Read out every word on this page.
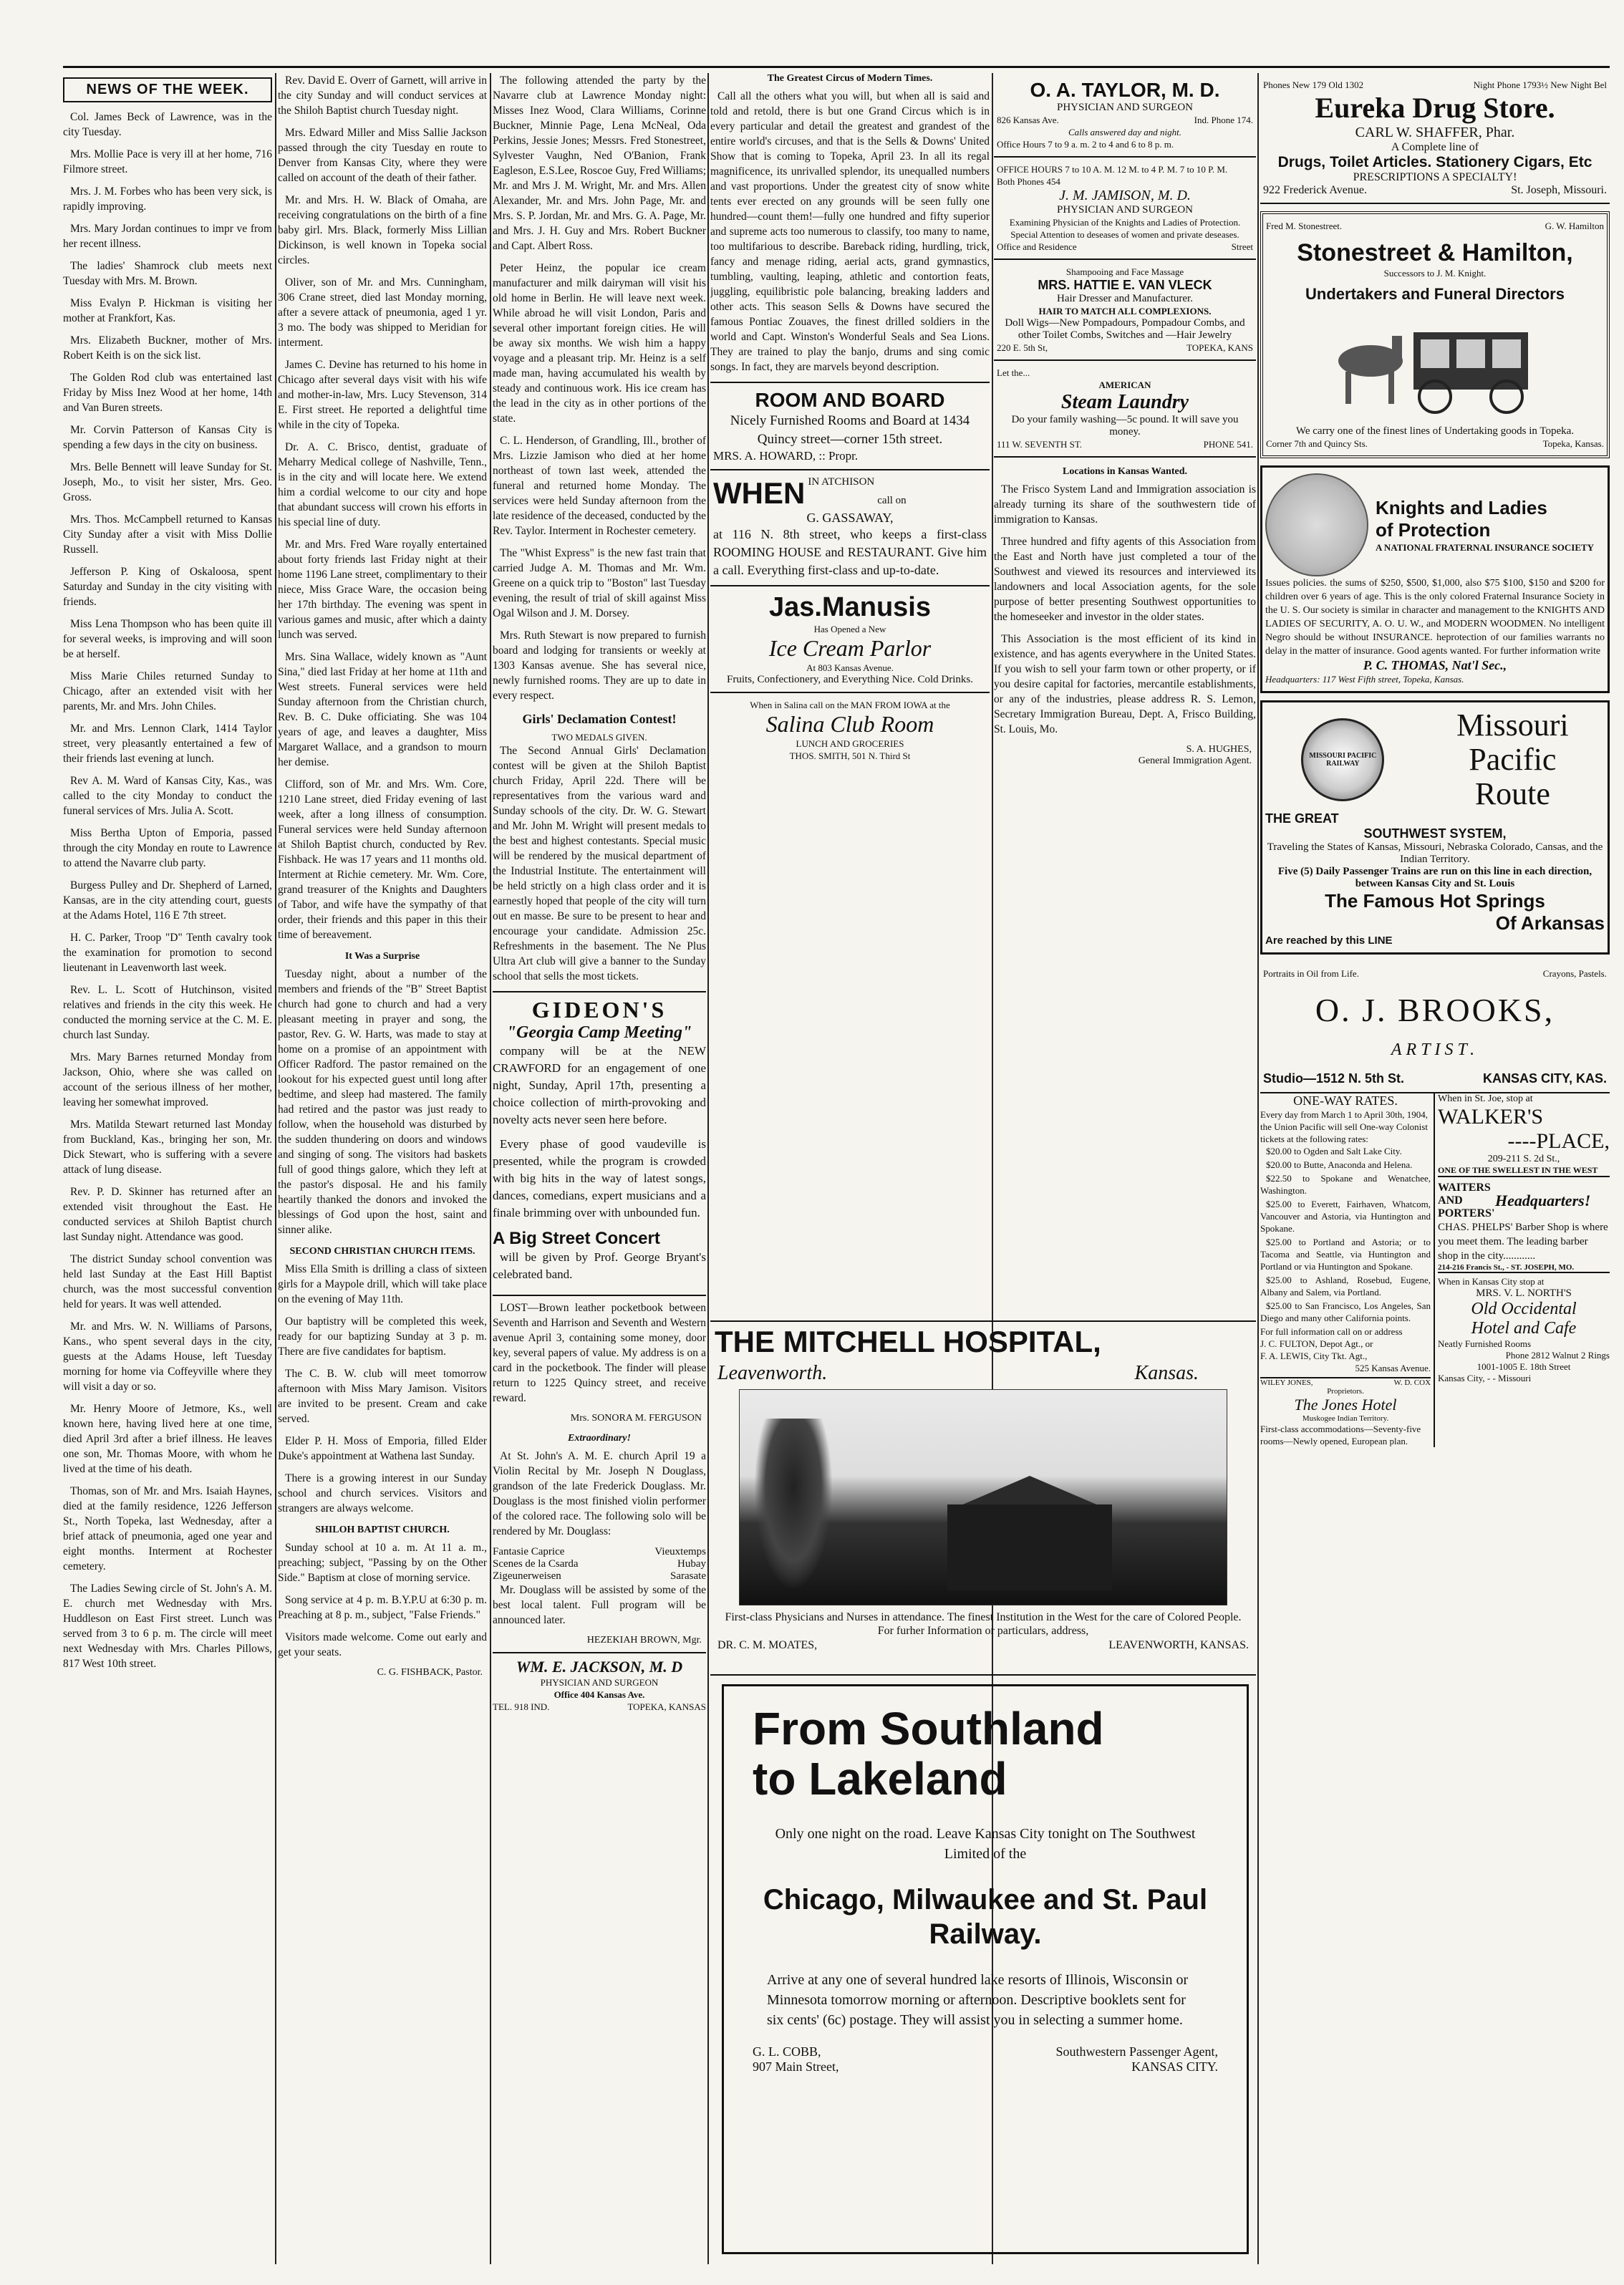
NEWS OF THE WEEK.

Col. James Beck of Lawrence, was in the city Tuesday.

Mrs. Mollie Pace is very ill at her home, 716 Filmore street.

Mrs. J. M. Forbes who has been very sick, is rapidly improving.

Mrs. Mary Jordan continues to impr ve from her recent illness.

The ladies' Shamrock club meets next Tuesday with Mrs. M. Brown.

Miss Evalyn P. Hickman is visiting her mother at Frankfort, Kas.

Mrs. Elizabeth Buckner, mother of Mrs. Robert Keith is on the sick list.

The Golden Rod club was entertained last Friday by Miss Inez Wood at her home, 14th and Van Buren streets.

Mr. Corvin Patterson of Kansas City is spending a few days in the city on business.

Mrs. Belle Bennett will leave Sunday for St. Joseph, Mo., to visit her sister, Mrs. Geo. Gross.

Mrs. Thos. McCampbell returned to Kansas City Sunday after a visit with Miss Dollie Russell.

Jefferson P. King of Oskaloosa, spent Saturday and Sunday in the city visiting with friends.

Miss Lena Thompson who has been quite ill for several weeks, is improving and will soon be at herself.

Miss Marie Chiles returned Sunday to Chicago, after an extended visit with her parents, Mr. and Mrs. John Chiles.

Mr. and Mrs. Lennon Clark, 1414 Taylor street, very pleasantly entertained a few of their friends last evening at lunch.

Rev A. M. Ward of Kansas City, Kas., was called to the city Monday to conduct the funeral services of Mrs. Julia A. Scott.

Miss Bertha Upton of Emporia, passed through the city Monday en route to Lawrence to attend the Navarre club party.

Burgess Pulley and Dr. Shepherd of Larned, Kansas, are in the city attending court, guests at the Adams Hotel, 116 E 7th street.

H. C. Parker, Troop "D" Tenth cavalry took the examination for promotion to second lieutenant in Leavenworth last week.

Rev. L. L. Scott of Hutchinson, visited relatives and friends in the city this week. He conducted the morning service at the C. M. E. church last Sunday.

Mrs. Mary Barnes returned Monday from Jackson, Ohio, where she was called on account of the serious illness of her mother, leaving her somewhat improved.

Mrs. Matilda Stewart returned last Monday from Buckland, Kas., bringing her son, Mr. Dick Stewart, who is suffering with a severe attack of lung disease.

Rev. P. D. Skinner has returned after an extended visit throughout the East. He conducted services at Shiloh Baptist church last Sunday night. Attendance was good.

The district Sunday school convention was held last Sunday at the East Hill Baptist church, was the most successful convention held for years. It was well attended.

Mr. and Mrs. W. N. Williams of Parsons, Kans., who spent several days in the city, guests at the Adams House, left Tuesday morning for home via Coffeyville where they will visit a day or so.

Mr. Henry Moore of Jetmore, Ks., well known here, having lived here at one time, died April 3rd after a brief illness. He leaves one son, Mr. Thomas Moore, with whom he lived at the time of his death.

Thomas, son of Mr. and Mrs. Isaiah Haynes, died at the family residence, 1226 Jefferson St., North Topeka, last Wednesday, after a brief attack of pneumonia, aged one year and eight months. Interment at Rochester cemetery.

The Ladies Sewing circle of St. John's A. M. E. church met Wednesday with Mrs. Huddleson on East First street. Lunch was served from 3 to 6 p. m. The circle will meet next Wednesday with Mrs. Charles Pillows, 817 West 10th street.

Rev. David E. Overr of Garnett, will arrive in the city Sunday and will conduct services at the Shiloh Baptist church Tuesday night.

Mrs. Edward Miller and Miss Sallie Jackson passed through the city Tuesday en route to Denver from Kansas City, where they were called on account of the death of their father.

Mr. and Mrs. H. W. Black of Omaha, are receiving congratulations on the birth of a fine baby girl. Mrs. Black, formerly Miss Lillian Dickinson, is well known in Topeka social circles.

Oliver, son of Mr. and Mrs. Cunningham, 306 Crane street, died last Monday morning, after a severe attack of pneumonia, aged 1 yr. 3 mo. The body was shipped to Meridian for interment.

James C. Devine has returned to his home in Chicago after several days visit with his wife and mother-in-law, Mrs. Lucy Stevenson, 314 E. First street. He reported a delightful time while in the city of Topeka.

Dr. A. C. Brisco, dentist, graduate of Meharry Medical college of Nashville, Tenn., is in the city and will locate here. We extend him a cordial welcome to our city and hope that abundant success will crown his efforts in his special line of duty.

Mr. and Mrs. Fred Ware royally entertained about forty friends last Friday night at their home 1196 Lane street, complimentary to their niece, Miss Grace Ware, the occasion being her 17th birthday. The evening was spent in various games and music, after which a dainty lunch was served.

Mrs. Sina Wallace, widely known as "Aunt Sina," died last Friday at her home at 11th and West streets. Funeral services were held Sunday afternoon from the Christian church, Rev. B. C. Duke officiating. She was 104 years of age, and leaves a daughter, Miss Margaret Wallace, and a grandson to mourn her demise.

Clifford, son of Mr. and Mrs. Wm. Core, 1210 Lane street, died Friday evening of last week, after a long illness of consumption. Funeral services were held Sunday afternoon at Shiloh Baptist church, conducted by Rev. Fishback. He was 17 years and 11 months old. Interment at Richie cemetery. Mr. Wm. Core, grand treasurer of the Knights and Daughters of Tabor, and wife have the sympathy of that order, their friends and this paper in this their time of bereavement.

It Was a Surprise

Tuesday night, about a number of the members and friends of the "B" Street Baptist church had gone to church and had a very pleasant meeting in prayer and song, the pastor, Rev. G. W. Harts, was made to stay at home on a promise of an appointment with Officer Radford. The pastor remained on the lookout for his expected guest until long after bedtime, and sleep had mastered. The family had retired and the pastor was just ready to follow, when the household was disturbed by the sudden thundering on doors and windows and singing of song. The visitors had baskets full of good things galore, which they left at the pastor's disposal. He and his family heartily thanked the donors and invoked the blessings of God upon the host, saint and sinner alike.

SECOND CHRISTIAN CHURCH ITEMS.

Miss Ella Smith is drilling a class of sixteen girls for a Maypole drill, which will take place on the evening of May 11th.

Our baptistry will be completed this week, ready for our baptizing Sunday at 3 p. m. There are five candidates for baptism.

The C. B. W. club will meet tomorrow afternoon with Miss Mary Jamison. Visitors are invited to be present. Cream and cake served.

Elder P. H. Moss of Emporia, filled Elder Duke's appointment at Wathena last Sunday.

There is a growing interest in our Sunday school and church services. Visitors and strangers are always welcome.

SHILOH BAPTIST CHURCH.

Sunday school at 10 a. m. At 11 a. m., preaching; subject, "Passing by on the Other Side." Baptism at close of morning service.

Song service at 4 p. m. B.Y.P.U at 6:30 p. m. Preaching at 8 p. m., subject, "False Friends."

Visitors made welcome. Come out early and get your seats.

C. G. FISHBACK, Pastor.

The following attended the party by the Navarre club at Lawrence Monday night: Misses Inez Wood, Clara Williams, Corinne Buckner, Minnie Page, Lena McNeal, Oda Perkins, Jessie Jones; Messrs. Fred Stonestreet, Sylvester Vaughn, Ned O'Banion, Frank Eagleson, E.S.Lee, Roscoe Guy, Fred Williams; Mr. and Mrs J. M. Wright, Mr. and Mrs. Allen Alexander, Mr. and Mrs. John Page, Mr. and Mrs. S. P. Jordan, Mr. and Mrs. G. A. Page, Mr. and Mrs. J. H. Guy and Mrs. Robert Buckner and Capt. Albert Ross.

Peter Heinz, the popular ice cream manufacturer and milk dairyman will visit his old home in Berlin. He will leave next week. While abroad he will visit London, Paris and several other important foreign cities. He will be away six months. We wish him a happy voyage and a pleasant trip. Mr. Heinz is a self made man, having accumulated his wealth by steady and continuous work. His ice cream has the lead in the city as in other portions of the state.

C. L. Henderson, of Grandling, Ill., brother of Mrs. Lizzie Jamison who died at her home northeast of town last week, attended the funeral and returned home Monday. The services were held Sunday afternoon from the late residence of the deceased, conducted by the Rev. Taylor. Interment in Rochester cemetery.

The "Whist Express" is the new fast train that carried Judge A. M. Thomas and Mr. Wm. Greene on a quick trip to "Boston" last Tuesday evening, the result of trial of skill against Miss Ogal Wilson and J. M. Dorsey.

Mrs. Ruth Stewart is now prepared to furnish board and lodging for transients or weekly at 1303 Kansas avenue. She has several nice, newly furnished rooms. They are up to date in every respect.

Girls' Declamation Contest!
TWO MEDALS GIVEN.

The Second Annual Girls' Declamation contest will be given at the Shiloh Baptist church Friday, April 22d. There will be representatives from the various ward and Sunday schools of the city. Dr. W. G. Stewart and Mr. John M. Wright will present medals to the best and highest contestants. Special music will be rendered by the musical department of the Industrial Institute. The entertainment will be held strictly on a high class order and it is earnestly hoped that people of the city will turn out en masse. Be sure to be present to hear and encourage your candidate. Admission 25c. Refreshments in the basement. The Ne Plus Ultra Art club will give a banner to the Sunday school that sells the most tickets.

GIDEON'S
"Georgia Camp Meeting"

company will be at the NEW CRAWFORD for an engagement of one night, Sunday, April 17th, presenting a choice collection of mirth-provoking and novelty acts never seen here before.

Every phase of good vaudeville is presented, while the program is crowded with big hits in the way of latest songs, dances, comedians, expert musicians and a finale brimming over with unbounded fun.

A Big Street Concert

will be given by Prof. George Bryant's celebrated band.

LOST—Brown leather pocketbook between Seventh and Harrison and Seventh and Western avenue April 3, containing some money, door key, several papers of value. My address is on a card in the pocketbook. The finder will please return to 1225 Quincy street, and receive reward.

Mrs. SONORA M. FERGUSON
Extraordinary!

At St. John's A. M. E. church April 19 a Violin Recital by Mr. Joseph N Douglass, grandson of the late Frederick Douglass. Mr. Douglass is the most finished violin performer of the colored race. The following solo will be rendered by Mr. Douglass:

Fantasie Caprice	Vieuxtemps
Scenes de la Csarda	Hubay
Zigeunerweisen	Sarasate

Mr. Douglass will be assisted by some of the best local talent. Full program will be announced later.

HEZEKIAH BROWN, Mgr.
WM. E. JACKSON, M. D
PHYSICIAN AND SURGEON
Office 404 Kansas Ave.
TEL. 918 IND.	TOPEKA, KANSAS
The Greatest Circus of Modern Times.

Call all the others what you will, but when all is said and told and retold, there is but one Grand Circus which is in every particular and detail the greatest and grandest of the entire world's circuses, and that is the Sells & Downs' United Show that is coming to Topeka, April 23. In all its regal magnificence, its unrivalled splendor, its unequalled numbers and vast proportions. Under the greatest city of snow white tents ever erected on any grounds will be seen fully one hundred—count them!—fully one hundred and fifty superior and supreme acts too numerous to classify, too many to name, too multifarious to describe. Bareback riding, hurdling, trick, fancy and menage riding, aerial acts, grand gymnastics, tumbling, vaulting, leaping, athletic and contortion feats, juggling, equilibristic pole balancing, breaking ladders and other acts. This season Sells & Downs have secured the famous Pontiac Zouaves, the finest drilled soldiers in the world and Capt. Winston's Wonderful Seals and Sea Lions. They are trained to play the banjo, drums and sing comic songs. In fact, they are marvels beyond description.

ROOM AND BOARD
Nicely Furnished Rooms and Board at 1434 Quincy street—corner 15th street.
MRS. A. HOWARD, :: Propr.
WHEN IN ATCHISON call on
G. GASSAWAY,
at 116 N. 8th street, who keeps a first-class ROOMING HOUSE and RESTAURANT. Give him a call. Everything first-class and up-to-date.
Jas.Manusis
Has Opened a New
Ice Cream Parlor
At 803 Kansas Avenue.
Fruits, Confectionery, and Everything Nice. Cold Drinks.
When in Salina call on the MAN FROM IOWA at the
Salina Club Room
LUNCH AND GROCERIES
THOS. SMITH, 501 N. Third St
O. A. TAYLOR, M. D.
PHYSICIAN AND SURGEON
826 Kansas Ave.	Ind. Phone 174.
Calls answered day and night.
Office Hours 7 to 9 a. m. 2 to 4 and 6 to 8 p. m.
OFFICE HOURS 7 to 10 A. M. 12 M. to 4 P. M. 7 to 10 P. M.
Both Phones 454
J. M. JAMISON, M. D.
PHYSICIAN AND SURGEON
Examining Physician of the Knights and Ladies of Protection.
Special Attention to deseases of women and private deseases.
Office and Residence	Street
Shampooing and Face Massage
MRS. HATTIE E. VAN VLECK
Hair Dresser and Manufacturer.
HAIR TO MATCH ALL COMPLEXIONS.
Doll Wigs—New Pompadours, Pompadour Combs, and other Toilet Combs, Switches and —Hair Jewelry
220 E. 5th St,	TOPEKA, KANS
Let the...
AMERICAN
Steam Laundry
Do your family washing—5c pound. It will save you money.
111 W. SEVENTH ST.	PHONE 541.
Locations in Kansas Wanted.

The Frisco System Land and Immigration association is already turning its share of the southwestern tide of immigration to Kansas.

Three hundred and fifty agents of this Association from the East and North have just completed a tour of the Southwest and viewed its resources and interviewed its landowners and local Association agents, for the sole purpose of better presenting Southwest opportunities to the homeseeker and investor in the older states.

This Association is the most efficient of its kind in existence, and has agents everywhere in the United States. If you wish to sell your farm town or other property, or if you desire capital for factories, mercantile establishments, or any of the industries, please address R. S. Lemon, Secretary Immigration Bureau, Dept. A, Frisco Building, St. Louis, Mo.

S. A. HUGHES,
General Immigration Agent.
THE MITCHELL HOSPITAL,
Leavenworth.	Kansas.
First-class Physicians and Nurses in attendance. The finest Institution in the West for the care of Colored People.
For furher Information or particulars, address,
DR. C. M. MOATES,	LEAVENWORTH, KANSAS.
From Southland
to Lakeland
Only one night on the road. Leave Kansas City tonight on The Southwest Limited of the
Chicago, Milwaukee and St. Paul Railway.
Arrive at any one of several hundred lake resorts of Illinois, Wisconsin or Minnesota tomorrow morning or afternoon. Descriptive booklets sent for six cents' (6c) postage. They will assist you in selecting a summer home.
G. L. COBB,	Southwestern Passenger Agent,
907 Main Street,	KANSAS CITY.
Phones New 179 Old 1302	Night Phone 1793½ New Night Bel
Eureka Drug Store.
CARL W. SHAFFER, Phar.
A Complete line of
Drugs, Toilet Articles. Stationery Cigars, Etc
PRESCRIPTIONS A SPECIALTY!
922 Frederick Avenue.	St. Joseph, Missouri.
Fred M. Stonestreet.	G. W. Hamilton
Stonestreet & Hamilton,
Successors to J. M. Knight.
Undertakers and Funeral Directors
We carry one of the finest lines of Undertaking goods in Topeka.
Corner 7th and Quincy Sts.	Topeka, Kansas.
Knights and Ladies
of Protection
A NATIONAL FRATERNAL INSURANCE SOCIETY
Issues policies. the sums of $250, $500, $1,000, also $75 $100, $150 and $200 for children over 6 years of age. This is the only colored Fraternal Insurance Society in the U. S. Our society is similar in character and management to the KNIGHTS AND LADIES OF SECURITY, A. O. U. W., and MODERN WOODMEN. No intelligent Negro should be without INSURANCE. heprotection of our families warrants no delay in the matter of insurance. Good agents wanted. For further information write
P. C. THOMAS, Nat'l Sec.,
Headquarters: 117 West Fifth street, Topeka, Kansas.
MISSOURI PACIFIC RAILWAY
Missouri
Pacific
Route
THE GREAT
SOUTHWEST SYSTEM,
Traveling the States of Kansas, Missouri, Nebraska Colorado, Cansas, and the Indian Territory.
Five (5) Daily Passenger Trains are run on this line in each direction, between Kansas City and St. Louis
The Famous Hot Springs
Of Arkansas
Are reached by this LINE
Portraits in Oil from Life.	Crayons, Pastels.
O. J. BROOKS,
ARTIST.
Studio—1512 N. 5th St.	KANSAS CITY, KAS.
ONE-WAY RATES.
Every day from March 1 to April 30th, 1904, the Union Pacific will sell One-way Colonist tickets at the following rates:

$20.00 to Ogden and Salt Lake City.

$20.00 to Butte, Anaconda and Helena.

$22.50 to Spokane and Wenatchee, Washington.

$25.00 to Everett, Fairhaven, Whatcom, Vancouver and Astoria, via Huntington and Spokane.

$25.00 to Portland and Astoria; or to Tacoma and Seattle, via Huntington and Portland or via Huntington and Spokane.

$25.00 to Ashland, Rosebud, Eugene, Albany and Salem, via Portland.

$25.00 to San Francisco, Los Angeles, San Diego and many other California points.

For full information call on or address
J. C. FULTON, Depot Agt., or
F. A. LEWIS, City Tkt. Agt.,
525 Kansas Avenue.
WILEY JONES,	W. D. COX
Proprietors.
The Jones Hotel
Muskogee Indian Territory.
First-class accommodations—Seventy-five rooms—Newly opened, European plan.
When in St. Joe, stop at
WALKER'S
----PLACE,
209-211 S. 2d St.,
ONE OF THE SWELLEST IN THE WEST
WAITERS AND PORTERS'
Headquarters!
CHAS. PHELPS' Barber Shop is where you meet them. The leading barber shop in the city............
214-216 Francis St., - ST. JOSEPH, MO.
When in Kansas City stop at
MRS. V. L. NORTH'S
Old Occidental
Hotel and Cafe
Neatly Furnished Rooms
Phone 2812 Walnut 2 Rings
1001-1005 E. 18th Street
Kansas City, - - Missouri
